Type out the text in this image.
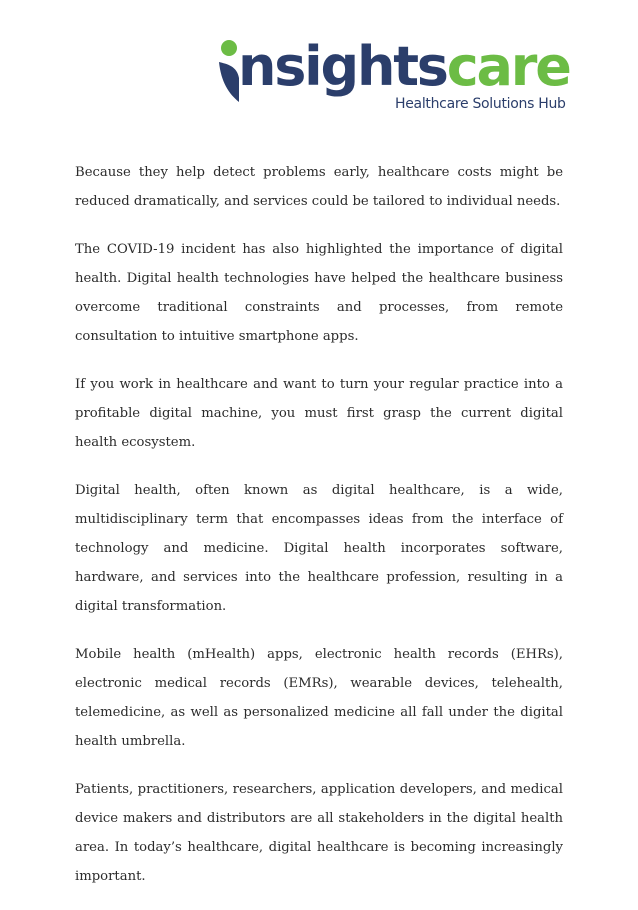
nsightscare
Healthcare Solutions Hub

Because they help detect problems early, healthcare costs might be reduced dramatically, and services could be tailored to individual needs.

The COVID-19 incident has also highlighted the importance of digital health. Digital health technologies have helped the healthcare business overcome traditional constraints and processes, from remote consultation to intuitive smartphone apps.

If you work in healthcare and want to turn your regular practice into a profitable digital machine, you must first grasp the current digital health ecosystem.

Digital health, often known as digital healthcare, is a wide, multidisciplinary term that encompasses ideas from the interface of technology and medicine. Digital health incorporates software, hardware, and services into the healthcare profession, resulting in a digital transformation.

Mobile health (mHealth) apps, electronic health records (EHRs), electronic medical records (EMRs), wearable devices, telehealth, telemedicine, as well as personalized medicine all fall under the digital health umbrella.

Patients, practitioners, researchers, application developers, and medical device makers and distributors are all stakeholders in the digital health area. In today’s healthcare, digital healthcare is becoming increasingly important.
